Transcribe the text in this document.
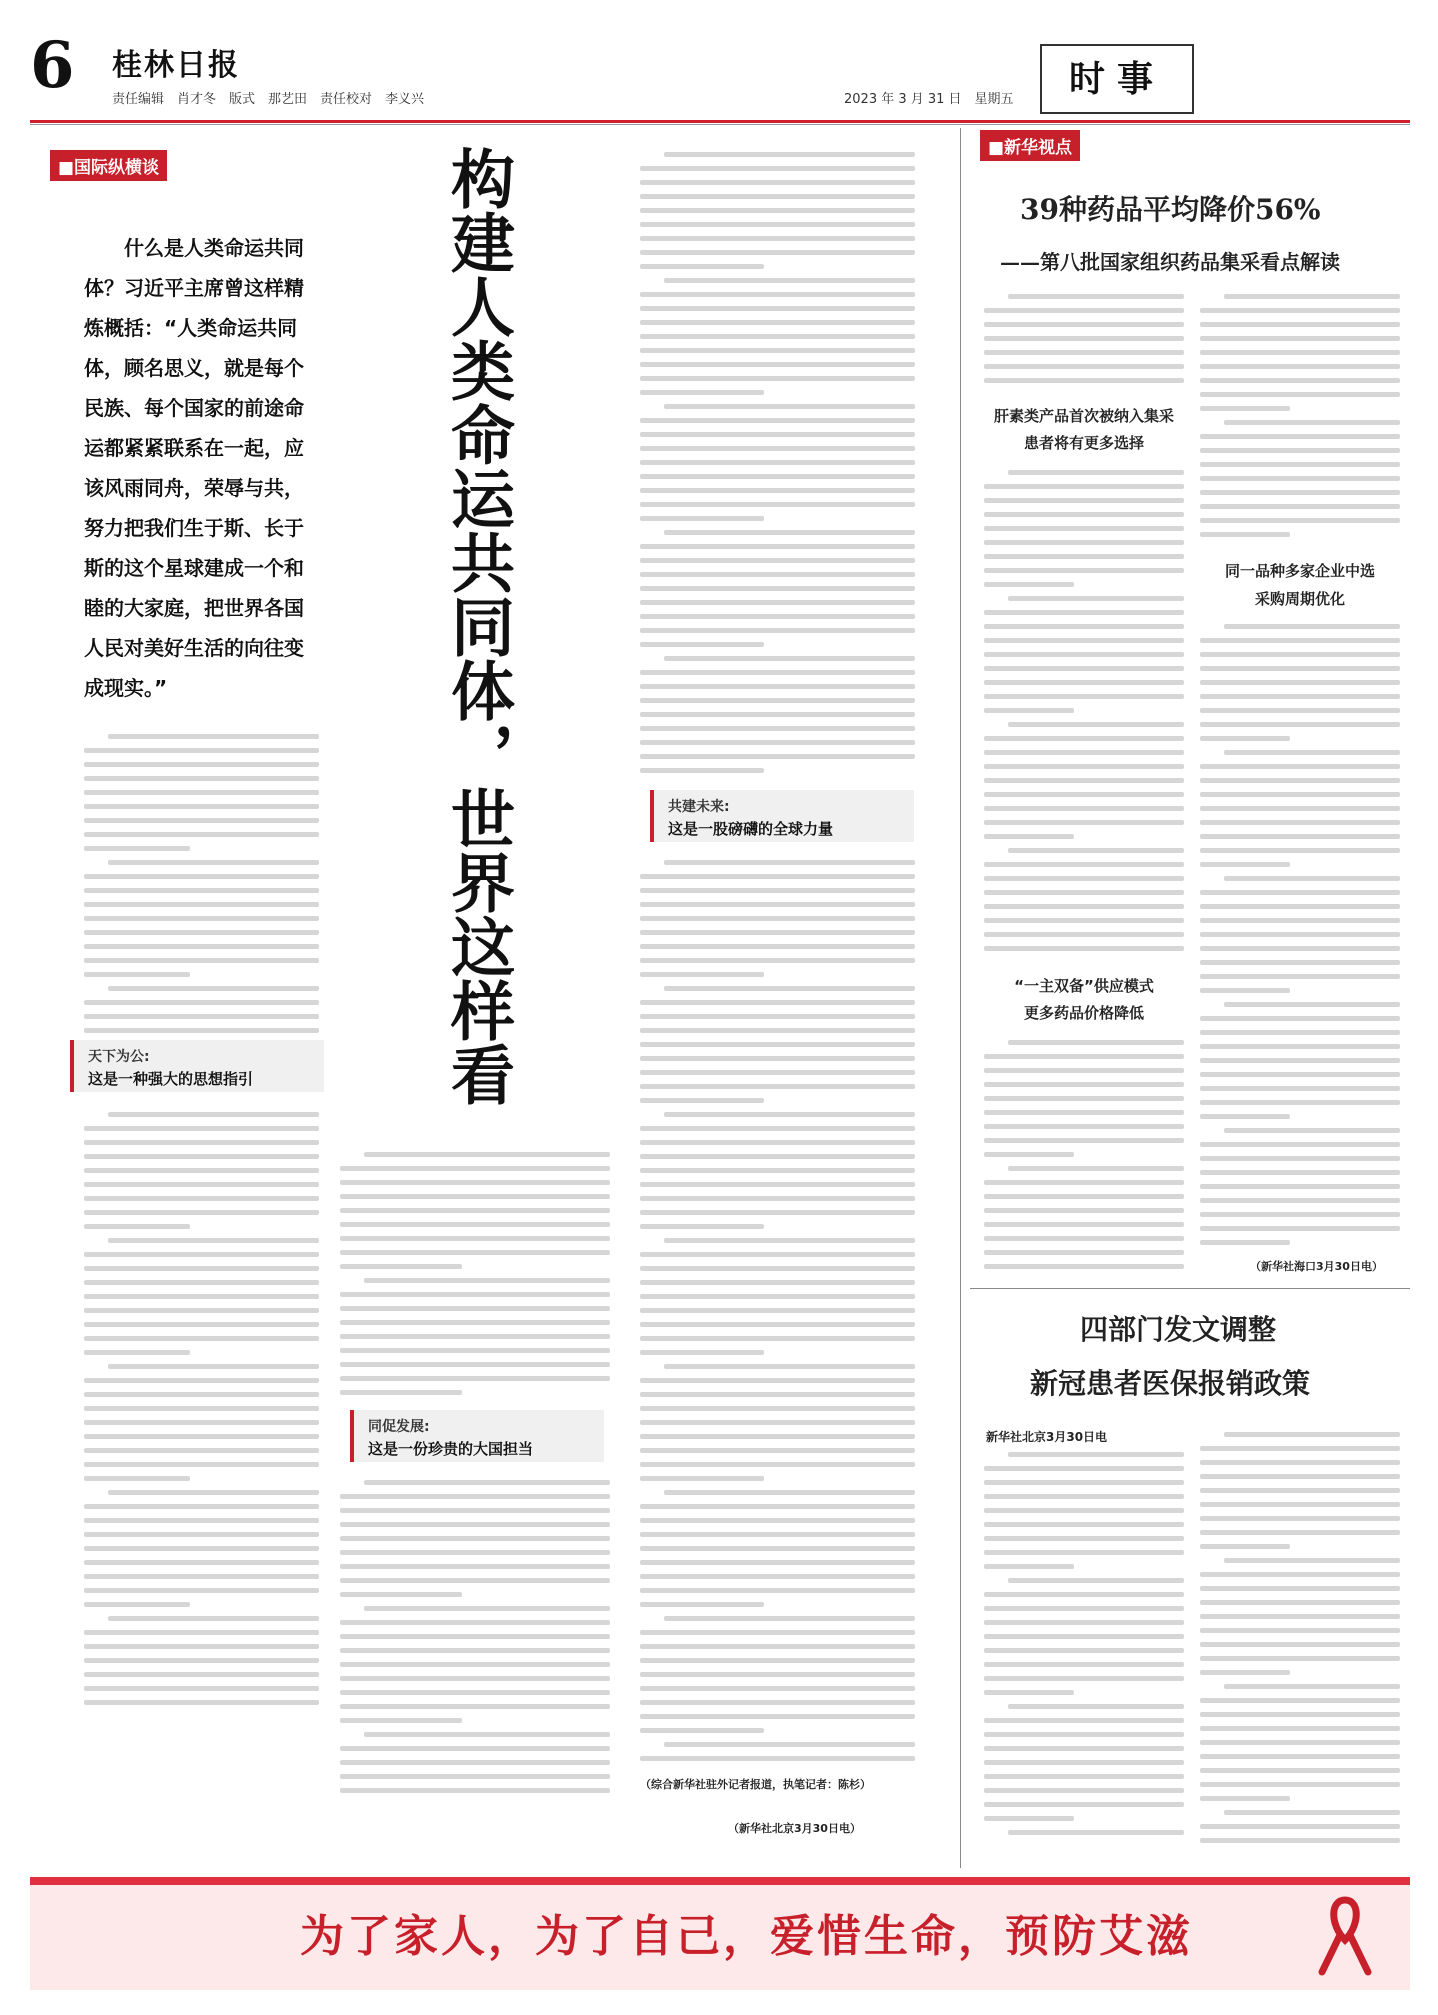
6	桂林日报
责任编辑　肖才冬　版式　那艺田　责任校对　李义兴	2023 年 3 月 31 日　星期五	时事
■国际纵横谈	构建人类命运共同体，世界这样看
什么是人类命运共同体？习近平主席曾这样精炼概括：“人类命运共同体，顾名思义，就是每个民族、每个国家的前途命运都紧紧联系在一起，应该风雨同舟，荣辱与共，努力把我们生于斯、长于斯的这个星球建成一个和睦的大家庭，把世界各国人民对美好生活的向往变成现实。”
天下为公:
这是一种强大的思想指引
同促发展:
这是一份珍贵的大国担当
共建未来:
这是一股磅礴的全球力量
（综合新华社驻外记者报道，执笔记者：陈杉）
（新华社北京3月30日电）
■新华视点
39种药品平均降价56%
——第八批国家组织药品集采看点解读
肝素类产品首次被纳入集采
患者将有更多选择
“一主双备”供应模式
更多药品价格降低
同一品种多家企业中选
采购周期优化
（新华社海口3月30日电）
四部门发文调整
新冠患者医保报销政策
新华社北京3月30日电
为了家人，为了自己，爱惜生命，预防艾滋
